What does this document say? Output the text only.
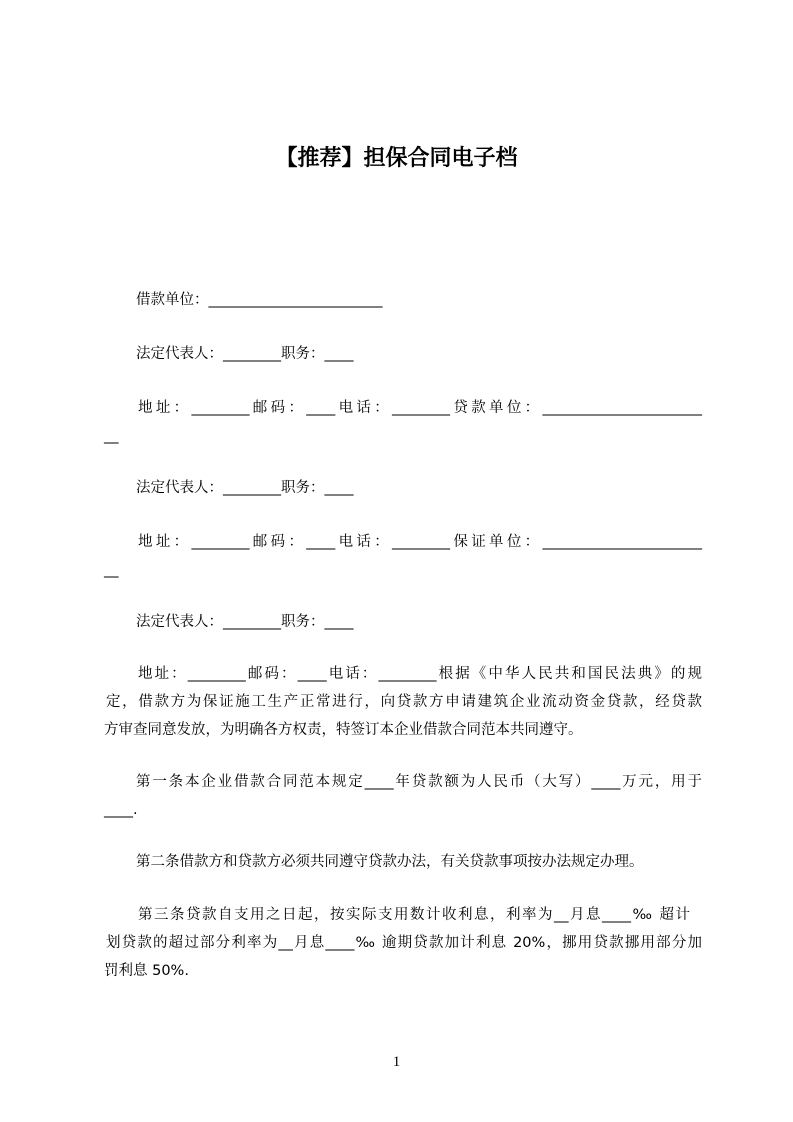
【推荐】担保合同电子档
借款单位：________________________
法定代表人：________职务：____
地址：________邮码：____电话：________贷款单位：______________________
__
法定代表人：________职务：____
地址：________邮码：____电话：________保证单位：______________________
__
法定代表人：________职务：____
地址：________邮码：____电话：________根据《中华人民共和国民法典》的规
定，借款方为保证施工生产正常进行，向贷款方申请建筑企业流动资金贷款，经贷款
方审查同意发放，为明确各方权责，特签订本企业借款合同范本共同遵守。
第一条本企业借款合同范本规定____年贷款额为人民币（大写）____万元，用于
____.
第二条借款方和贷款方必须共同遵守贷款办法，有关贷款事项按办法规定办理。
第三条贷款自支用之日起，按实际支用数计收利息，利率为__月息____‰ 超计
划贷款的超过部分利率为__月息____‰ 逾期贷款加计利息 20%，挪用贷款挪用部分加
罚利息 50%.
1
